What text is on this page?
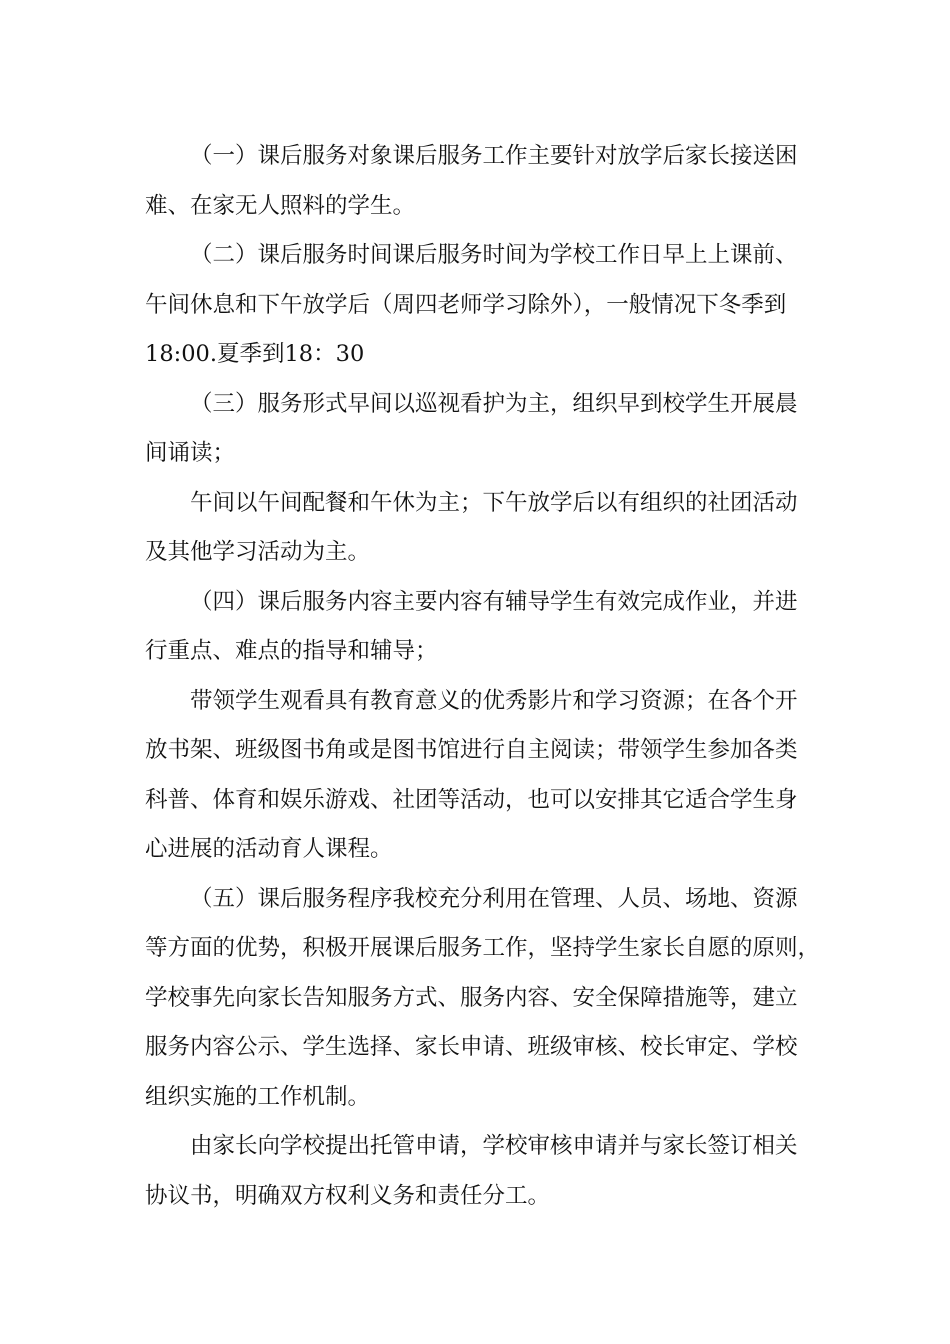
（一）课后服务对象课后服务工作主要针对放学后家长接送困
难、在家无人照料的学生。
（二）课后服务时间课后服务时间为学校工作日早上上课前、
午间休息和下午放学后（周四老师学习除外），一般情况下冬季到
18:00.夏季到18：30
（三）服务形式早间以巡视看护为主，组织早到校学生开展晨
间诵读；
午间以午间配餐和午休为主；下午放学后以有组织的社团活动
及其他学习活动为主。
（四）课后服务内容主要内容有辅导学生有效完成作业，并进
行重点、难点的指导和辅导；
带领学生观看具有教育意义的优秀影片和学习资源；在各个开
放书架、班级图书角或是图书馆进行自主阅读；带领学生参加各类
科普、体育和娱乐游戏、社团等活动，也可以安排其它适合学生身
心进展的活动育人课程。
（五）课后服务程序我校充分利用在管理、人员、场地、资源
等方面的优势，积极开展课后服务工作，坚持学生家长自愿的原则，
学校事先向家长告知服务方式、服务内容、安全保障措施等，建立
服务内容公示、学生选择、家长申请、班级审核、校长审定、学校
组织实施的工作机制。
由家长向学校提出托管申请，学校审核申请并与家长签订相关
协议书，明确双方权利义务和责任分工。
